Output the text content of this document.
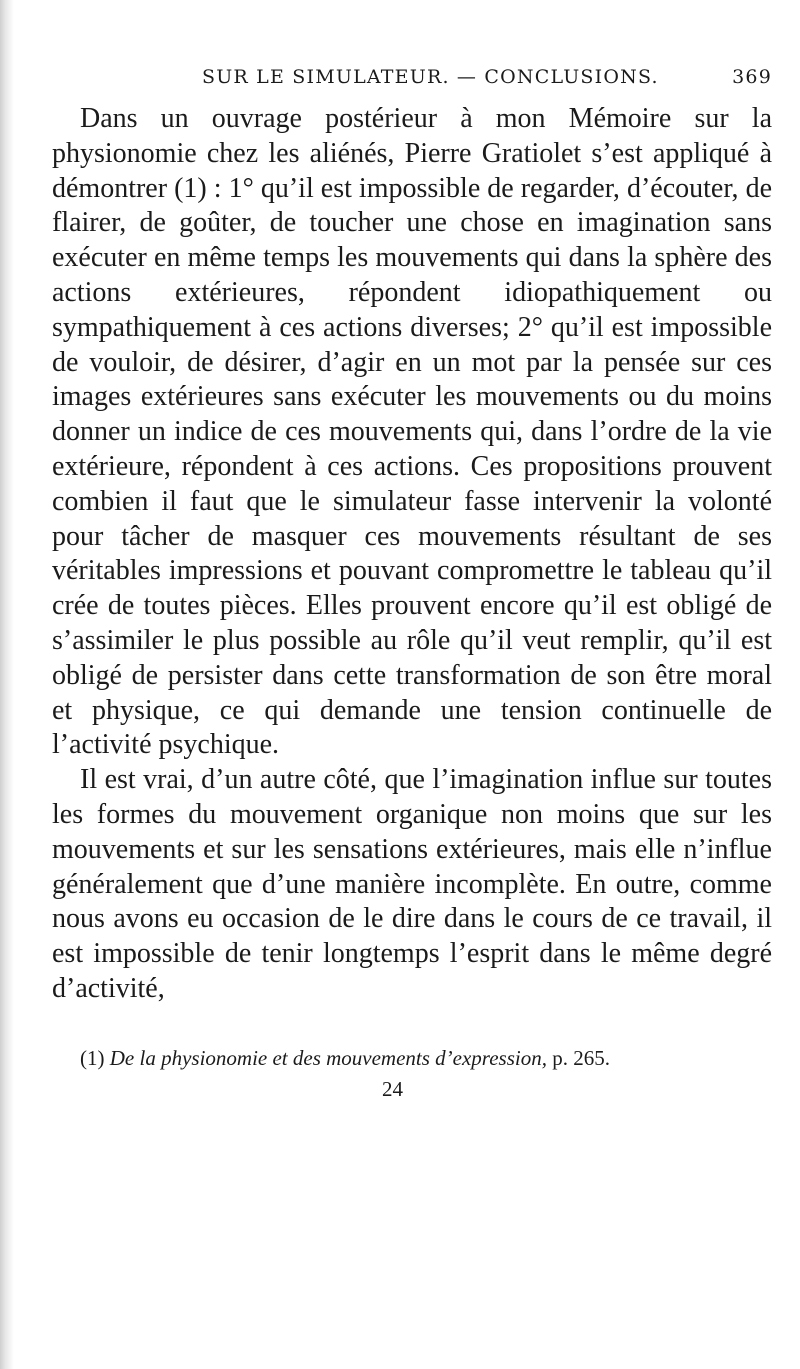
SUR LE SIMULATEUR. — CONCLUSIONS.	369

Dans un ouvrage postérieur à mon Mémoire sur la physionomie chez les aliénés, Pierre Gratiolet s’est appliqué à démontrer (1) : 1° qu’il est impossible de regarder, d’écouter, de flairer, de goûter, de toucher une chose en imagination sans exécuter en même temps les mouvements qui dans la sphère des actions extérieures, répondent idiopathiquement ou sympathiquement à ces actions diverses; 2° qu’il est impossible de vouloir, de désirer, d’agir en un mot par la pensée sur ces images extérieures sans exécuter les mouvements ou du moins donner un indice de ces mouvements qui, dans l’ordre de la vie extérieure, répondent à ces actions. Ces propositions prouvent combien il faut que le simulateur fasse intervenir la volonté pour tâcher de masquer ces mouvements résultant de ses véritables impressions et pouvant compromettre le tableau qu’il crée de toutes pièces. Elles prouvent encore qu’il est obligé de s’assimiler le plus possible au rôle qu’il veut remplir, qu’il est obligé de persister dans cette transformation de son être moral et physique, ce qui demande une tension continuelle de l’activité psychique.

Il est vrai, d’un autre côté, que l’imagination influe sur toutes les formes du mouvement organique non moins que sur les mouvements et sur les sensations extérieures, mais elle n’influe généralement que d’une manière incomplète. En outre, comme nous avons eu occasion de le dire dans le cours de ce travail, il est impossible de tenir longtemps l’esprit dans le même degré d’activité,

(1) De la physionomie et des mouvements d’expression, p. 265.
24
